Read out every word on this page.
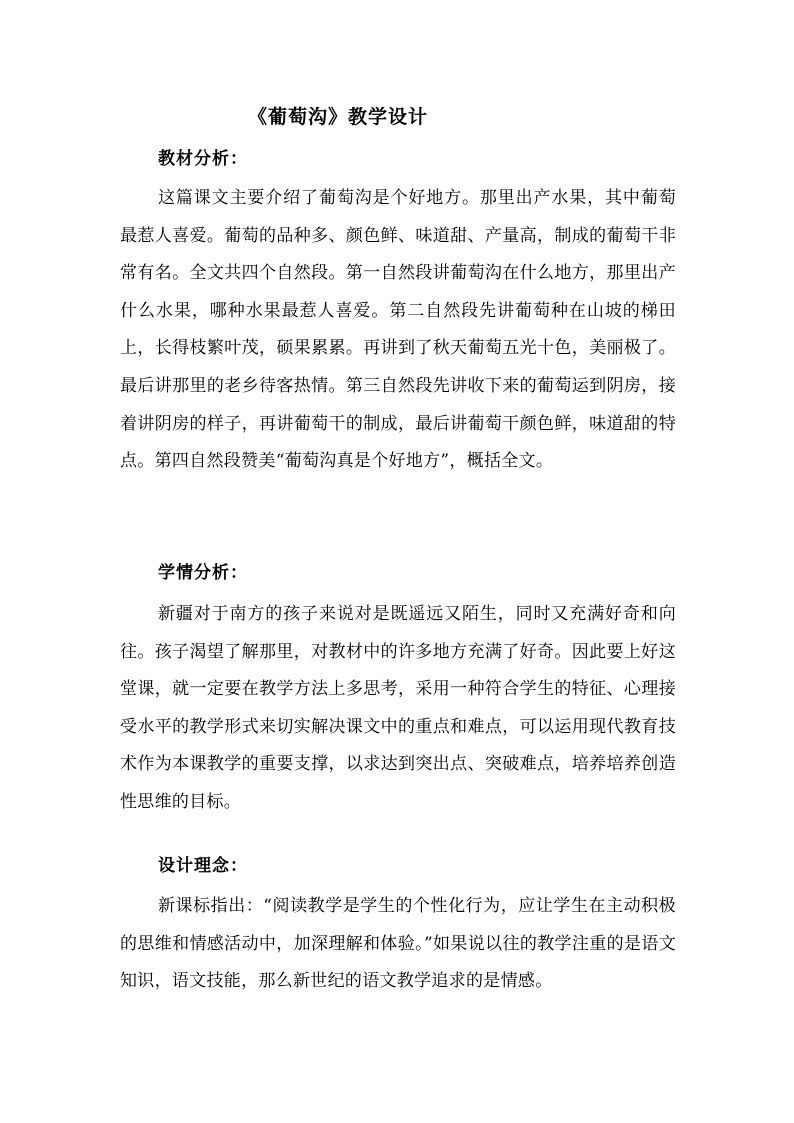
《葡萄沟》教学设计
教材分析：

这篇课文主要介绍了葡萄沟是个好地方。那里出产水果，其中葡萄最惹人喜爱。葡萄的品种多、颜色鲜、味道甜、产量高，制成的葡萄干非常有名。全文共四个自然段。第一自然段讲葡萄沟在什么地方，那里出产什么水果，哪种水果最惹人喜爱。第二自然段先讲葡萄种在山坡的梯田上，长得枝繁叶茂，硕果累累。再讲到了秋天葡萄五光十色，美丽极了。最后讲那里的老乡待客热情。第三自然段先讲收下来的葡萄运到阴房，接着讲阴房的样子，再讲葡萄干的制成，最后讲葡萄干颜色鲜，味道甜的特点。第四自然段赞美“葡萄沟真是个好地方”，概括全文。

学情分析：

新疆对于南方的孩子来说对是既遥远又陌生，同时又充满好奇和向往。孩子渴望了解那里，对教材中的许多地方充满了好奇。因此要上好这堂课，就一定要在教学方法上多思考，采用一种符合学生的特征、心理接受水平的教学形式来切实解决课文中的重点和难点，可以运用现代教育技术作为本课教学的重要支撑，以求达到突出点、突破难点，培养培养创造性思维的目标。

设计理念：

新课标指出：“阅读教学是学生的个性化行为，应让学生在主动积极的思维和情感活动中，加深理解和体验。”如果说以往的教学注重的是语文知识，语文技能，那么新世纪的语文教学追求的是情感。
